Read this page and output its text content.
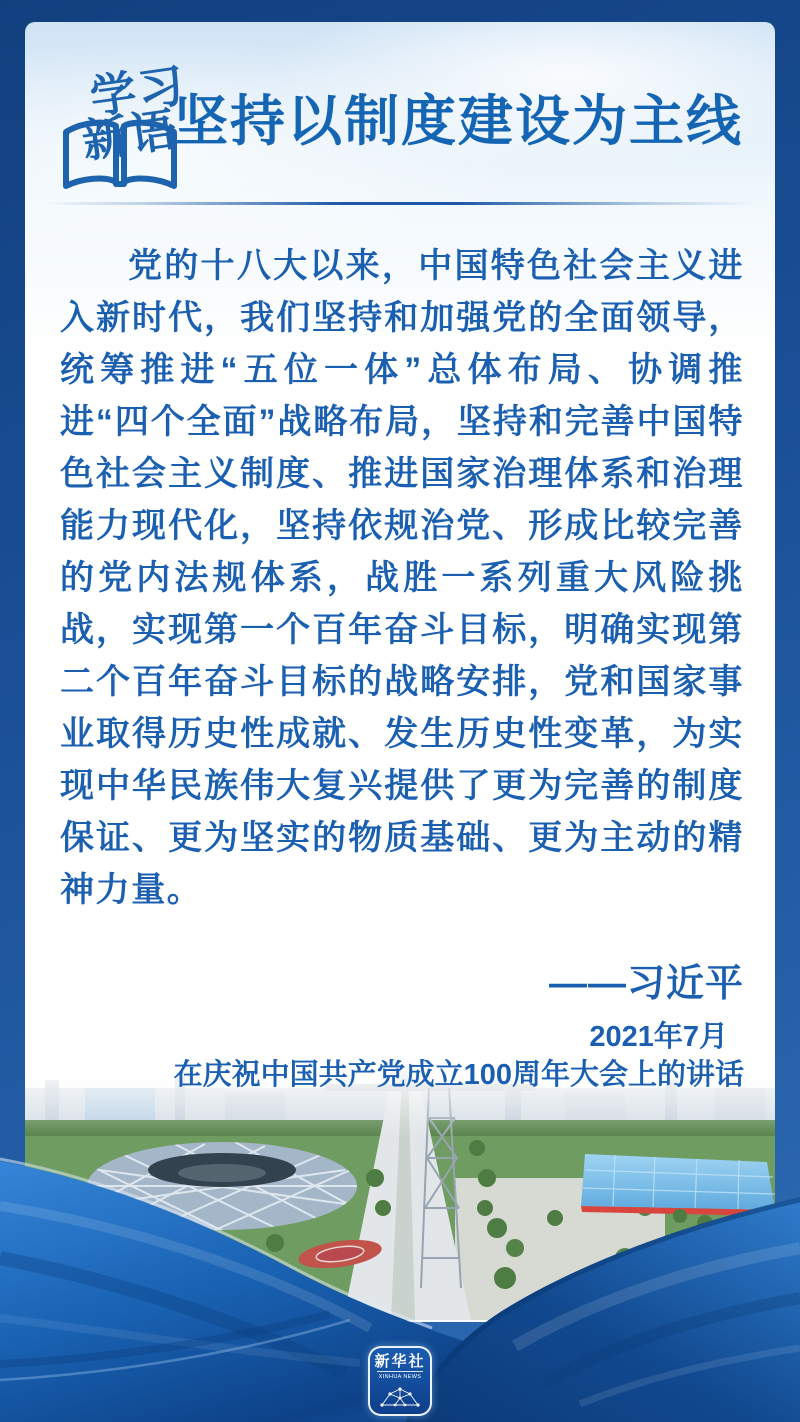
学习
新语
坚持以制度建设为主线

党的十八大以来，中国特色社会主义进入新时代，我们坚持和加强党的全面领导，统筹推进“五位一体”总体布局、协调推进“四个全面”战略布局，坚持和完善中国特色社会主义制度、推进国家治理体系和治理能力现代化，坚持依规治党、形成比较完善的党内法规体系，战胜一系列重大风险挑战，实现第一个百年奋斗目标，明确实现第二个百年奋斗目标的战略安排，党和国家事业取得历史性成就、发生历史性变革，为实现中华民族伟大复兴提供了更为完善的制度保证、更为坚实的物质基础、更为主动的精神力量。

——习近平
2021年7月
在庆祝中国共产党成立100周年大会上的讲话
新华社
XINHUA NEWS
